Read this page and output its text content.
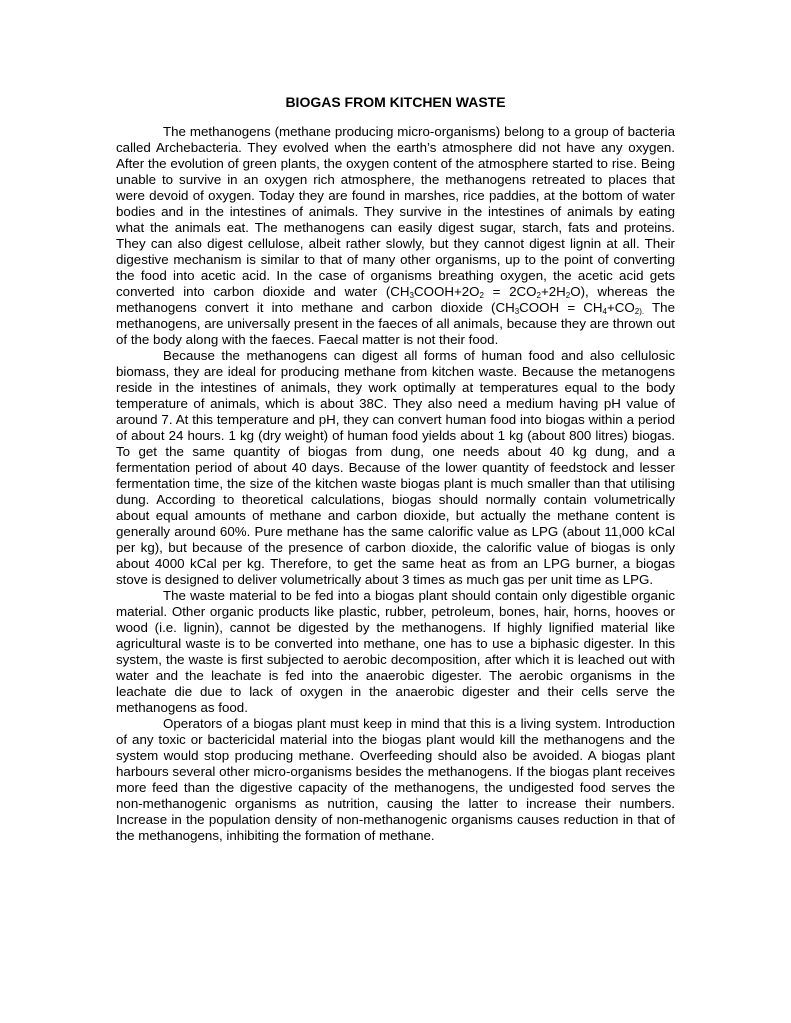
BIOGAS FROM KITCHEN WASTE

The methanogens (methane producing micro-organisms) belong to a group of bacteria called Archebacteria. They evolved when the earth’s atmosphere did not have any oxygen. After the evolution of green plants, the oxygen content of the atmosphere started to rise. Being unable to survive in an oxygen rich atmosphere, the methanogens retreated to places that were devoid of oxygen. Today they are found in marshes, rice paddies, at the bottom of water bodies and in the intestines of animals. They survive in the intestines of animals by eating what the animals eat. The methanogens can easily digest sugar, starch, fats and proteins. They can also digest cellulose, albeit rather slowly, but they cannot digest lignin at all. Their digestive mechanism is similar to that of many other organisms, up to the point of converting the food into acetic acid. In the case of organisms breathing oxygen, the acetic acid gets converted into carbon dioxide and water $(CH_3COOH+2O_2 = 2CO_2+2H_2O)$, whereas the methanogens convert it into methane and carbon dioxide ($CH_3COOH = CH_4+CO_{2).}$ The methanogens, are universally present in the faeces of all animals, because they are thrown out of the body along with the faeces. Faecal matter is not their food.

Because the methanogens can digest all forms of human food and also cellulosic biomass, they are ideal for producing methane from kitchen waste. Because the metanogens reside in the intestines of animals, they work optimally at temperatures equal to the body temperature of animals, which is about 38C. They also need a medium having pH value of around 7. At this temperature and pH, they can convert human food into biogas within a period of about 24 hours. 1 kg (dry weight) of human food yields about 1 kg (about 800 litres) biogas. To get the same quantity of biogas from dung, one needs about 40 kg dung, and a fermentation period of about 40 days. Because of the lower quantity of feedstock and lesser fermentation time, the size of the kitchen waste biogas plant is much smaller than that utilising dung. According to theoretical calculations, biogas should normally contain volumetrically about equal amounts of methane and carbon dioxide, but actually the methane content is generally around 60%. Pure methane has the same calorific value as LPG (about 11,000 kCal per kg), but because of the presence of carbon dioxide, the calorific value of biogas is only about 4000 kCal per kg. Therefore, to get the same heat as from an LPG burner, a biogas stove is designed to deliver volumetrically about 3 times as much gas per unit time as LPG.

The waste material to be fed into a biogas plant should contain only digestible organic material. Other organic products like plastic, rubber, petroleum, bones, hair, horns, hooves or wood (i.e. lignin), cannot be digested by the methanogens. If highly lignified material like agricultural waste is to be converted into methane, one has to use a biphasic digester. In this system, the waste is first subjected to aerobic decomposition, after which it is leached out with water and the leachate is fed into the anaerobic digester. The aerobic organisms in the leachate die due to lack of oxygen in the anaerobic digester and their cells serve the methanogens as food.

Operators of a biogas plant must keep in mind that this is a living system. Introduction of any toxic or bactericidal material into the biogas plant would kill the methanogens and the system would stop producing methane. Overfeeding should also be avoided. A biogas plant harbours several other micro-organisms besides the methanogens. If the biogas plant receives more feed than the digestive capacity of the methanogens, the undigested food serves the non-methanogenic organisms as nutrition, causing the latter to increase their numbers. Increase in the population density of non-methanogenic organisms causes reduction in that of the methanogens, inhibiting the formation of methane.
